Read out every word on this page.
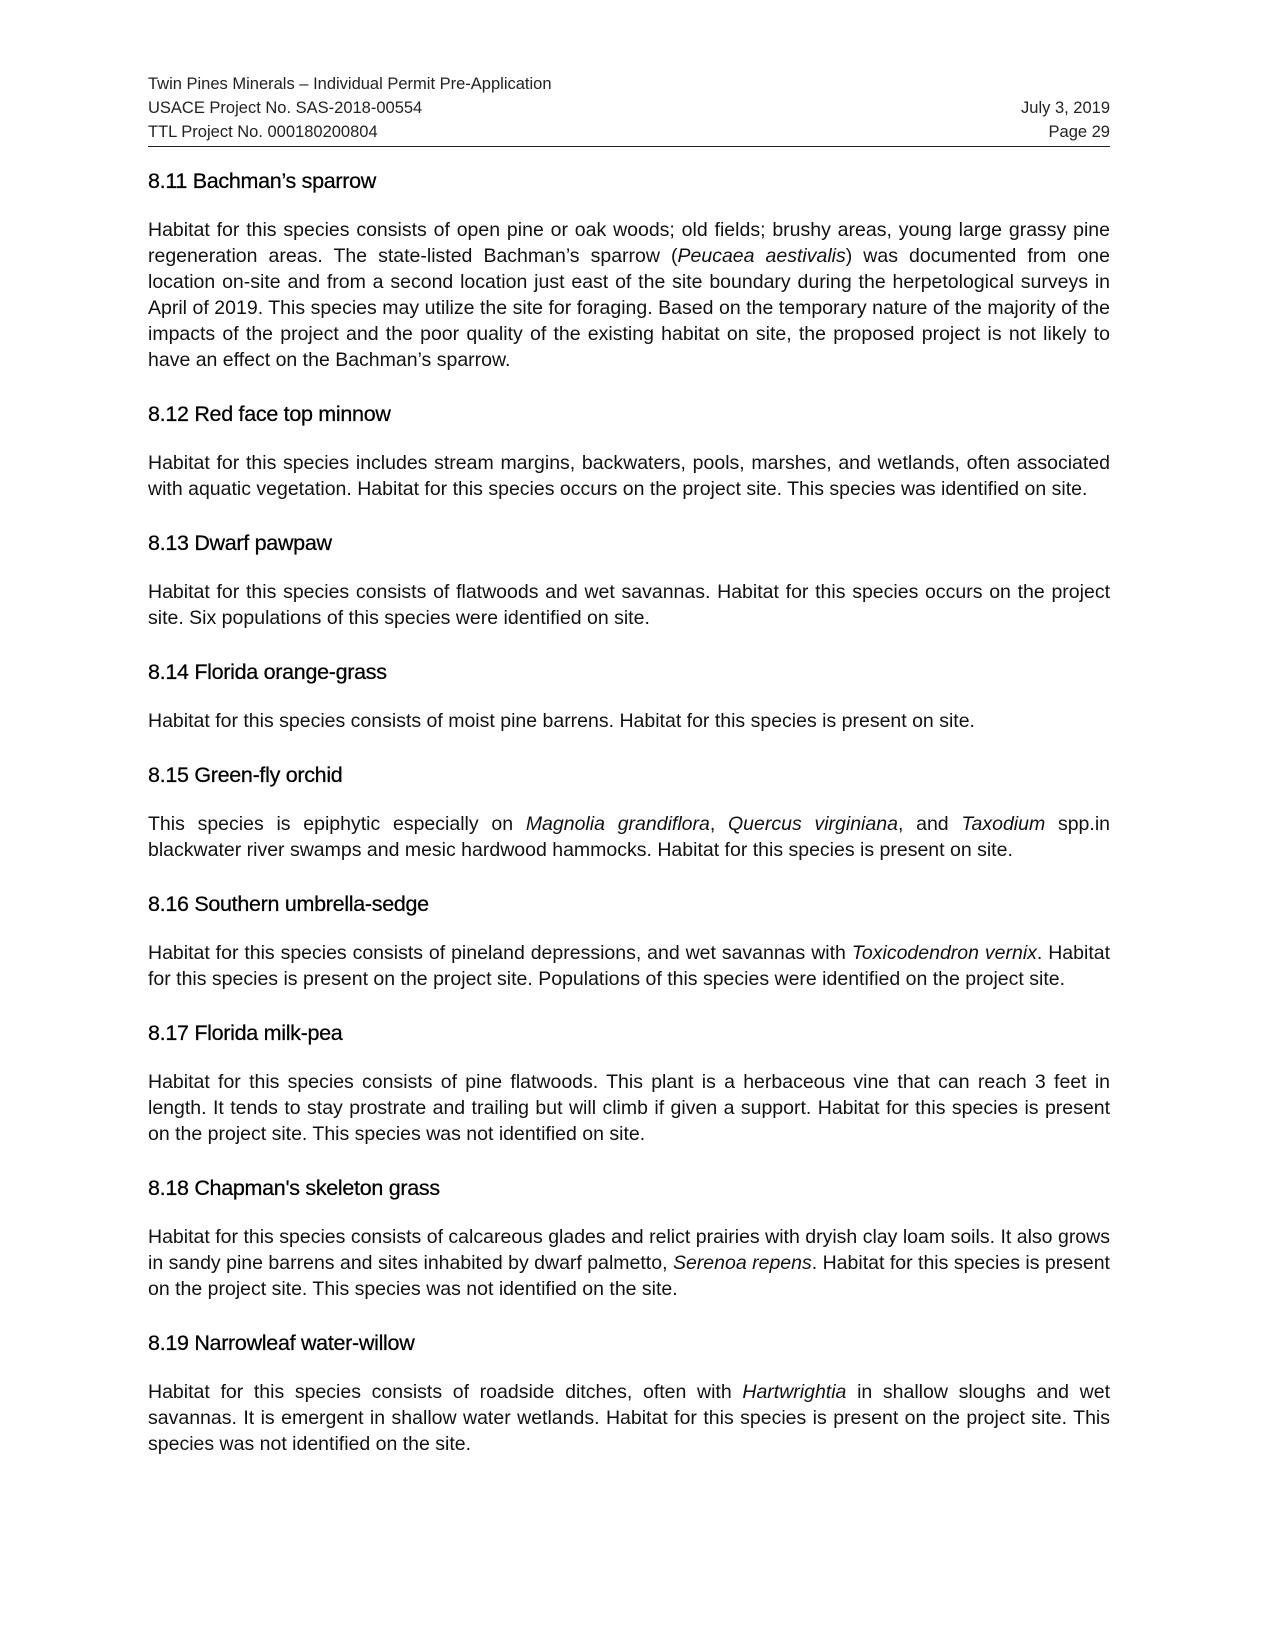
Twin Pines Minerals – Individual Permit Pre-Application
USACE Project No. SAS-2018-00554	July 3, 2019
TTL Project No. 000180200804	Page 29
8.11 Bachman’s sparrow

Habitat for this species consists of open pine or oak woods; old fields; brushy areas, young large grassy pine regeneration areas. The state-listed Bachman’s sparrow (Peucaea aestivalis) was documented from one location on-site and from a second location just east of the site boundary during the herpetological surveys in April of 2019. This species may utilize the site for foraging. Based on the temporary nature of the majority of the impacts of the project and the poor quality of the existing habitat on site, the proposed project is not likely to have an effect on the Bachman’s sparrow.

8.12 Red face top minnow

Habitat for this species includes stream margins, backwaters, pools, marshes, and wetlands, often associated with aquatic vegetation. Habitat for this species occurs on the project site. This species was identified on site.

8.13 Dwarf pawpaw

Habitat for this species consists of flatwoods and wet savannas. Habitat for this species occurs on the project site. Six populations of this species were identified on site.

8.14 Florida orange-grass

Habitat for this species consists of moist pine barrens. Habitat for this species is present on site.

8.15 Green-fly orchid

This species is epiphytic especially on Magnolia grandiflora, Quercus virginiana, and Taxodium spp.in blackwater river swamps and mesic hardwood hammocks. Habitat for this species is present on site.

8.16 Southern umbrella-sedge

Habitat for this species consists of pineland depressions, and wet savannas with Toxicodendron vernix. Habitat for this species is present on the project site. Populations of this species were identified on the project site.

8.17 Florida milk-pea

Habitat for this species consists of pine flatwoods. This plant is a herbaceous vine that can reach 3 feet in length. It tends to stay prostrate and trailing but will climb if given a support. Habitat for this species is present on the project site. This species was not identified on site.

8.18 Chapman's skeleton grass

Habitat for this species consists of calcareous glades and relict prairies with dryish clay loam soils. It also grows in sandy pine barrens and sites inhabited by dwarf palmetto, Serenoa repens. Habitat for this species is present on the project site. This species was not identified on the site.

8.19 Narrowleaf water-willow

Habitat for this species consists of roadside ditches, often with Hartwrightia in shallow sloughs and wet savannas. It is emergent in shallow water wetlands. Habitat for this species is present on the project site. This species was not identified on the site.
